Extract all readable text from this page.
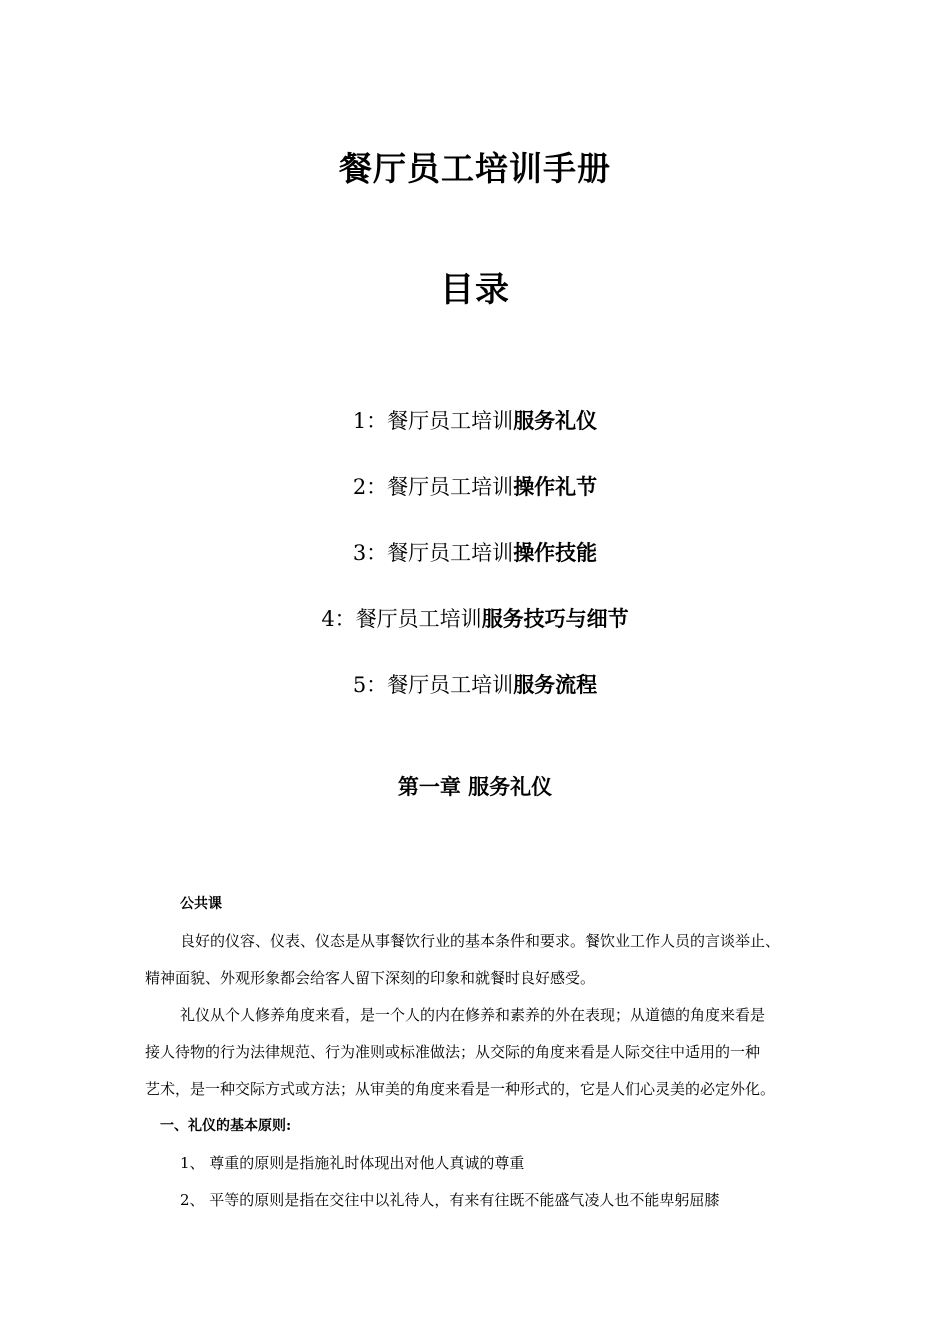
餐厅员工培训手册
目录
1：餐厅员工培训服务礼仪
2：餐厅员工培训操作礼节
3：餐厅员工培训操作技能
4：餐厅员工培训服务技巧与细节
5：餐厅员工培训服务流程
第一章 服务礼仪
公共课
良好的仪容、仪表、仪态是从事餐饮行业的基本条件和要求。餐饮业工作人员的言谈举止、
精神面貌、外观形象都会给客人留下深刻的印象和就餐时良好感受。
礼仪从个人修养角度来看，是一个人的内在修养和素养的外在表现；从道德的角度来看是
接人待物的行为法律规范、行为准则或标准做法；从交际的角度来看是人际交往中适用的一种
艺术，是一种交际方式或方法；从审美的角度来看是一种形式的，它是人们心灵美的必定外化。
一、礼仪的基本原则:
1、 尊重的原则是指施礼时体现出对他人真诚的尊重
2、 平等的原则是指在交往中以礼待人，有来有往既不能盛气凌人也不能卑躬屈膝
